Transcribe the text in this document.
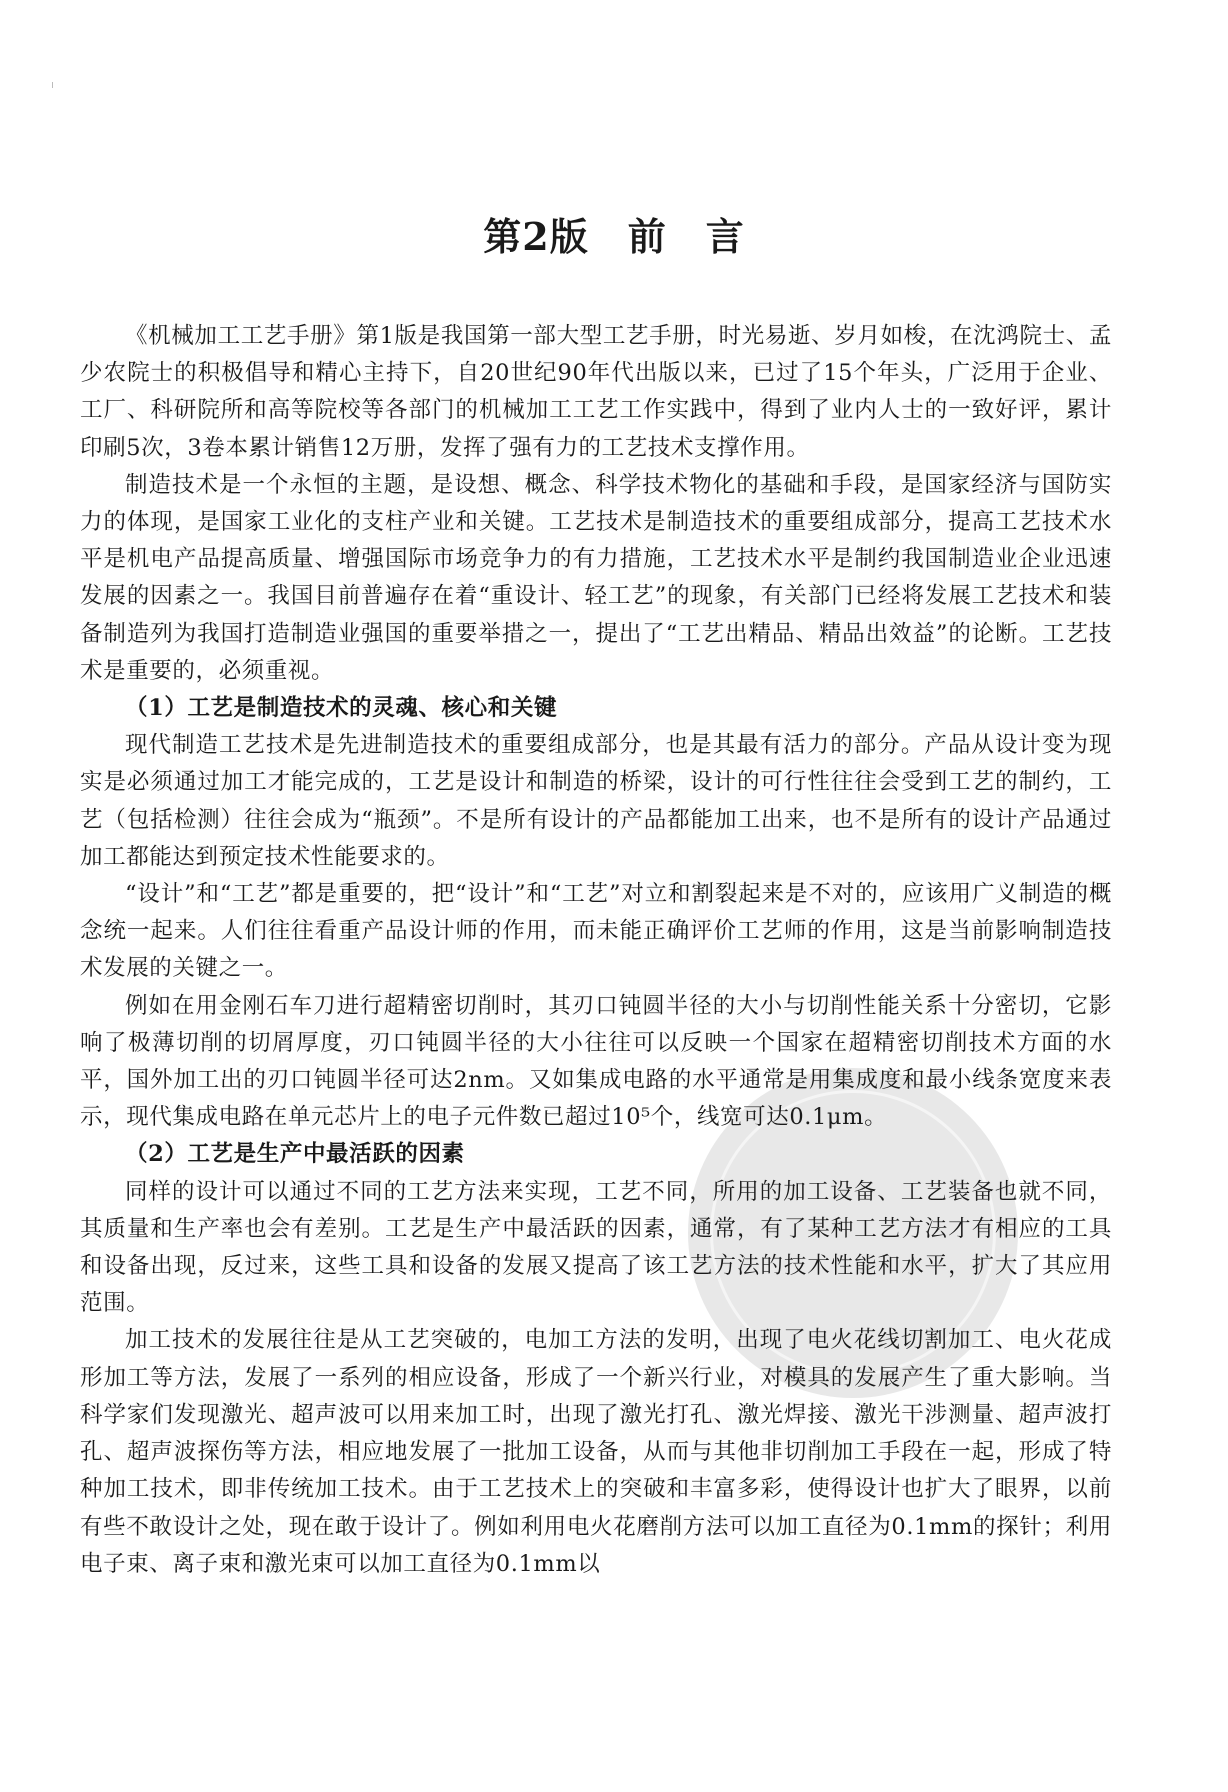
第2版　前　言

《机械加工工艺手册》第1版是我国第一部大型工艺手册，时光易逝、岁月如梭，在沈鸿院士、孟少农院士的积极倡导和精心主持下，自20世纪90年代出版以来，已过了15个年头，广泛用于企业、工厂、科研院所和高等院校等各部门的机械加工工艺工作实践中，得到了业内人士的一致好评，累计印刷5次，3卷本累计销售12万册，发挥了强有力的工艺技术支撑作用。

制造技术是一个永恒的主题，是设想、概念、科学技术物化的基础和手段，是国家经济与国防实力的体现，是国家工业化的支柱产业和关键。工艺技术是制造技术的重要组成部分，提高工艺技术水平是机电产品提高质量、增强国际市场竞争力的有力措施，工艺技术水平是制约我国制造业企业迅速发展的因素之一。我国目前普遍存在着“重设计、轻工艺”的现象，有关部门已经将发展工艺技术和装备制造列为我国打造制造业强国的重要举措之一，提出了“工艺出精品、精品出效益”的论断。工艺技术是重要的，必须重视。

（1）工艺是制造技术的灵魂、核心和关键

现代制造工艺技术是先进制造技术的重要组成部分，也是其最有活力的部分。产品从设计变为现实是必须通过加工才能完成的，工艺是设计和制造的桥梁，设计的可行性往往会受到工艺的制约，工艺（包括检测）往往会成为“瓶颈”。不是所有设计的产品都能加工出来，也不是所有的设计产品通过加工都能达到预定技术性能要求的。

“设计”和“工艺”都是重要的，把“设计”和“工艺”对立和割裂起来是不对的，应该用广义制造的概念统一起来。人们往往看重产品设计师的作用，而未能正确评价工艺师的作用，这是当前影响制造技术发展的关键之一。

例如在用金刚石车刀进行超精密切削时，其刃口钝圆半径的大小与切削性能关系十分密切，它影响了极薄切削的切屑厚度，刃口钝圆半径的大小往往可以反映一个国家在超精密切削技术方面的水平，国外加工出的刃口钝圆半径可达2nm。又如集成电路的水平通常是用集成度和最小线条宽度来表示，现代集成电路在单元芯片上的电子元件数已超过10⁵个，线宽可达0.1μm。

（2）工艺是生产中最活跃的因素

同样的设计可以通过不同的工艺方法来实现，工艺不同，所用的加工设备、工艺装备也就不同，其质量和生产率也会有差别。工艺是生产中最活跃的因素，通常，有了某种工艺方法才有相应的工具和设备出现，反过来，这些工具和设备的发展又提高了该工艺方法的技术性能和水平，扩大了其应用范围。

加工技术的发展往往是从工艺突破的，电加工方法的发明，出现了电火花线切割加工、电火花成形加工等方法，发展了一系列的相应设备，形成了一个新兴行业，对模具的发展产生了重大影响。当科学家们发现激光、超声波可以用来加工时，出现了激光打孔、激光焊接、激光干涉测量、超声波打孔、超声波探伤等方法，相应地发展了一批加工设备，从而与其他非切削加工手段在一起，形成了特种加工技术，即非传统加工技术。由于工艺技术上的突破和丰富多彩，使得设计也扩大了眼界，以前有些不敢设计之处，现在敢于设计了。例如利用电火花磨削方法可以加工直径为0.1mm的探针；利用电子束、离子束和激光束可以加工直径为0.1mm以
